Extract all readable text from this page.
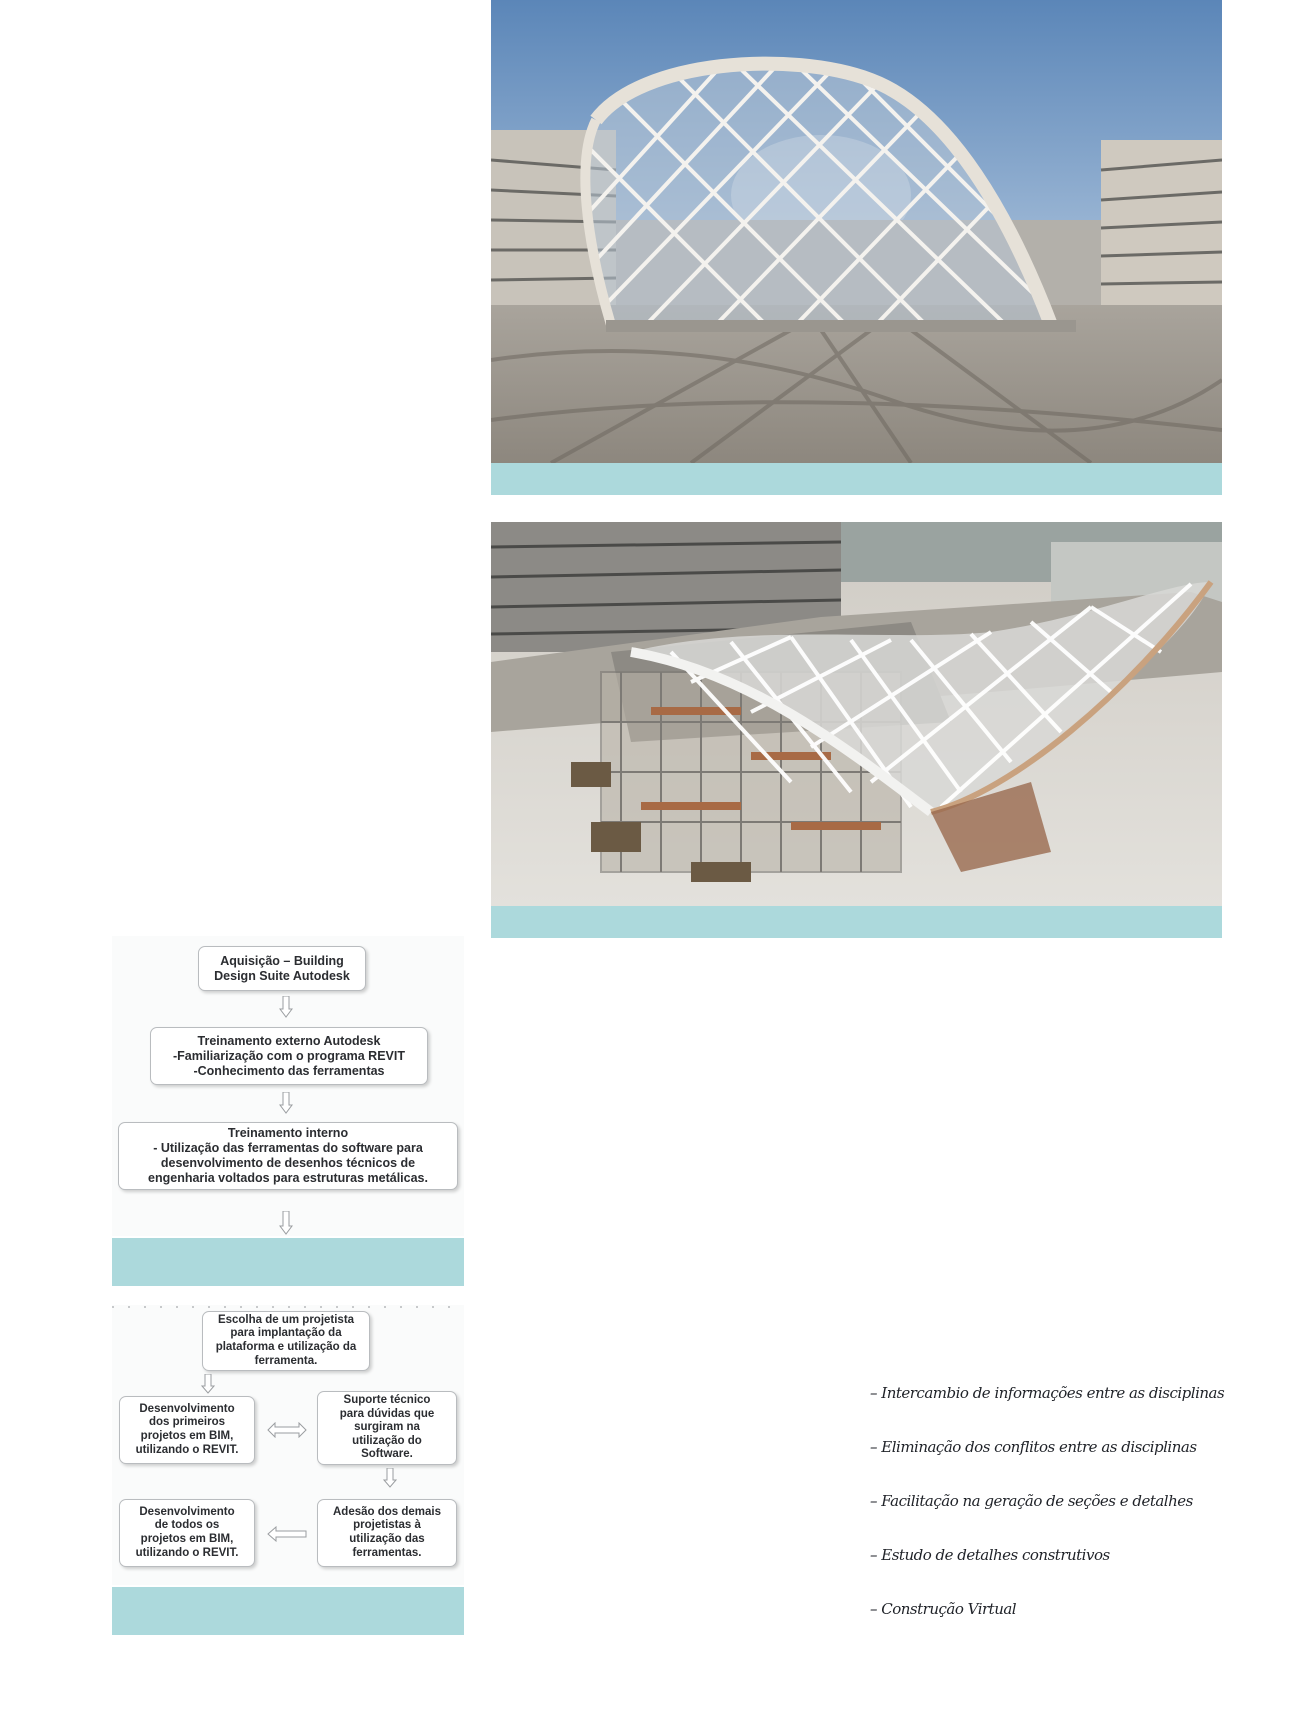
Aquisição – Building
Design Suite Autodesk
Treinamento externo Autodesk
-Familiarização com o programa REVIT
-Conhecimento das ferramentas
Treinamento interno
- Utilização das ferramentas do software para
desenvolvimento de desenhos técnicos de
engenharia voltados para estruturas metálicas.
Escolha de um projetista
para implantação da
plataforma e utilização da
ferramenta.
Desenvolvimento
dos primeiros
projetos em BIM,
utilizando o REVIT.
Suporte técnico
para dúvidas que
surgiram na
utilização do
Software.
Desenvolvimento
de todos os
projetos em BIM,
utilizando o REVIT.
Adesão dos demais
projetistas à
utilização das
ferramentas.
– Intercambio de informações entre as disciplinas
– Eliminação dos conflitos entre as disciplinas
– Facilitação na geração de seções e detalhes
– Estudo de detalhes construtivos
– Construção Virtual
